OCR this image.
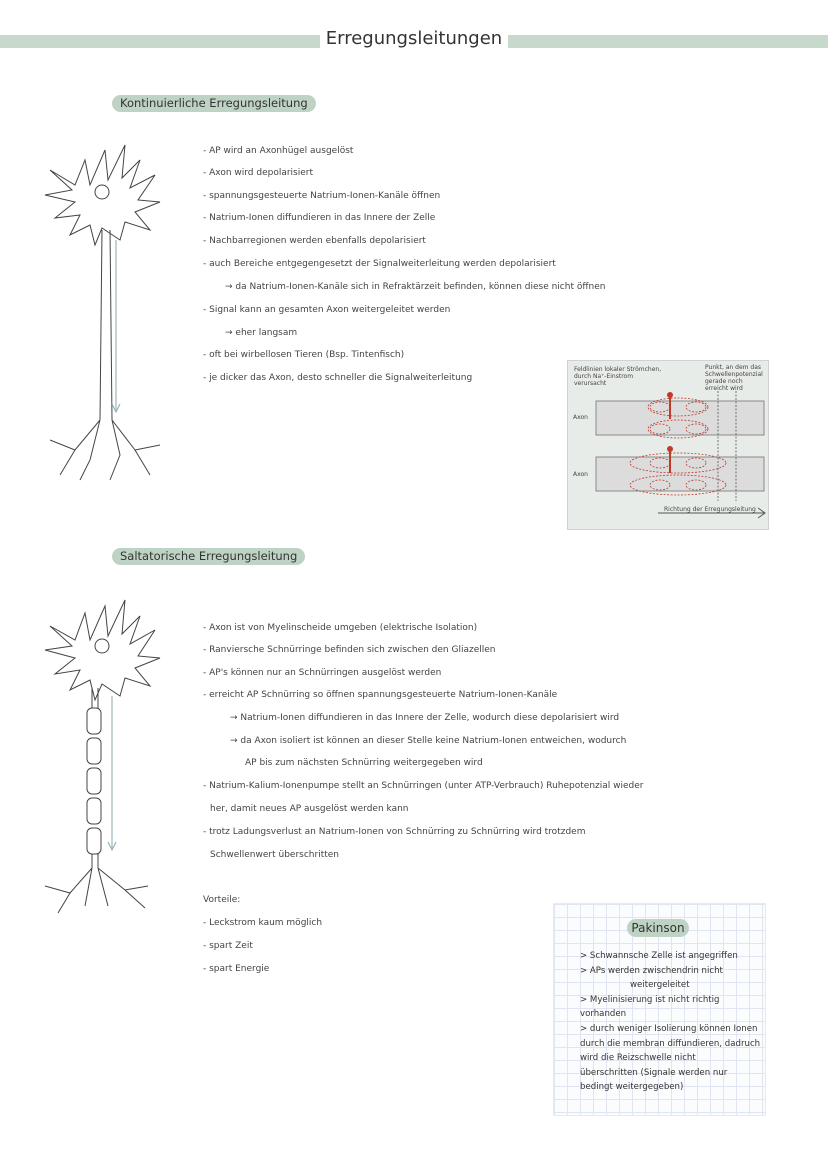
Erregungsleitungen
Kontinuierliche Erregungsleitung
- AP wird an Axonhügel ausgelöst
- Axon wird depolarisiert
- spannungsgesteuerte Natrium-Ionen-Kanäle öffnen
- Natrium-Ionen diffundieren in das Innere der Zelle
- Nachbarregionen werden ebenfalls depolarisiert
- auch Bereiche entgegengesetzt der Signalweiterleitung werden depolarisiert
→ da Natrium-Ionen-Kanäle sich in Refraktärzeit befinden, können diese nicht öffnen
- Signal kann an gesamten Axon weitergeleitet werden
→ eher langsam
- oft bei wirbellosen Tieren (Bsp. Tintenfisch)
- je dicker das Axon, desto schneller die Signalweiterleitung
Feldlinien lokaler Strömchen, durch Na⁺-Einstrom verursacht
Punkt, an dem das Schwellenpotenzial gerade noch erreicht wird
Axon
Axon
Richtung der Erregungsleitung
Saltatorische Erregungsleitung
- Axon ist von Myelinscheide umgeben (elektrische Isolation)
- Ranviersche Schnürringe befinden sich zwischen den Gliazellen
- AP's können nur an Schnürringen ausgelöst werden
- erreicht AP Schnürring so öffnen spannungsgesteuerte Natrium-Ionen-Kanäle
→ Natrium-Ionen diffundieren in das Innere der Zelle, wodurch diese depolarisiert wird
→ da Axon isoliert ist können an dieser Stelle keine Natrium-Ionen entweichen, wodurch
AP bis zum nächsten Schnürring weitergegeben wird
- Natrium-Kalium-Ionenpumpe stellt an Schnürringen (unter ATP-Verbrauch) Ruhepotenzial wieder
her, damit neues AP ausgelöst werden kann
- trotz Ladungsverlust an Natrium-Ionen von Schnürring zu Schnürring wird trotzdem
Schwellenwert überschritten
Vorteile:
- Leckstrom kaum möglich
- spart Zeit
- spart Energie
Pakinson
> Schwannsche Zelle ist angegriffen
> APs werden zwischendrin nicht
weitergeleitet
> Myelinisierung ist nicht richtig
vorhanden
> durch weniger Isolierung können Ionen
durch die membran diffundieren, dadruch
wird die Reizschwelle nicht
überschritten (Signale werden nur
bedingt weitergegeben)
